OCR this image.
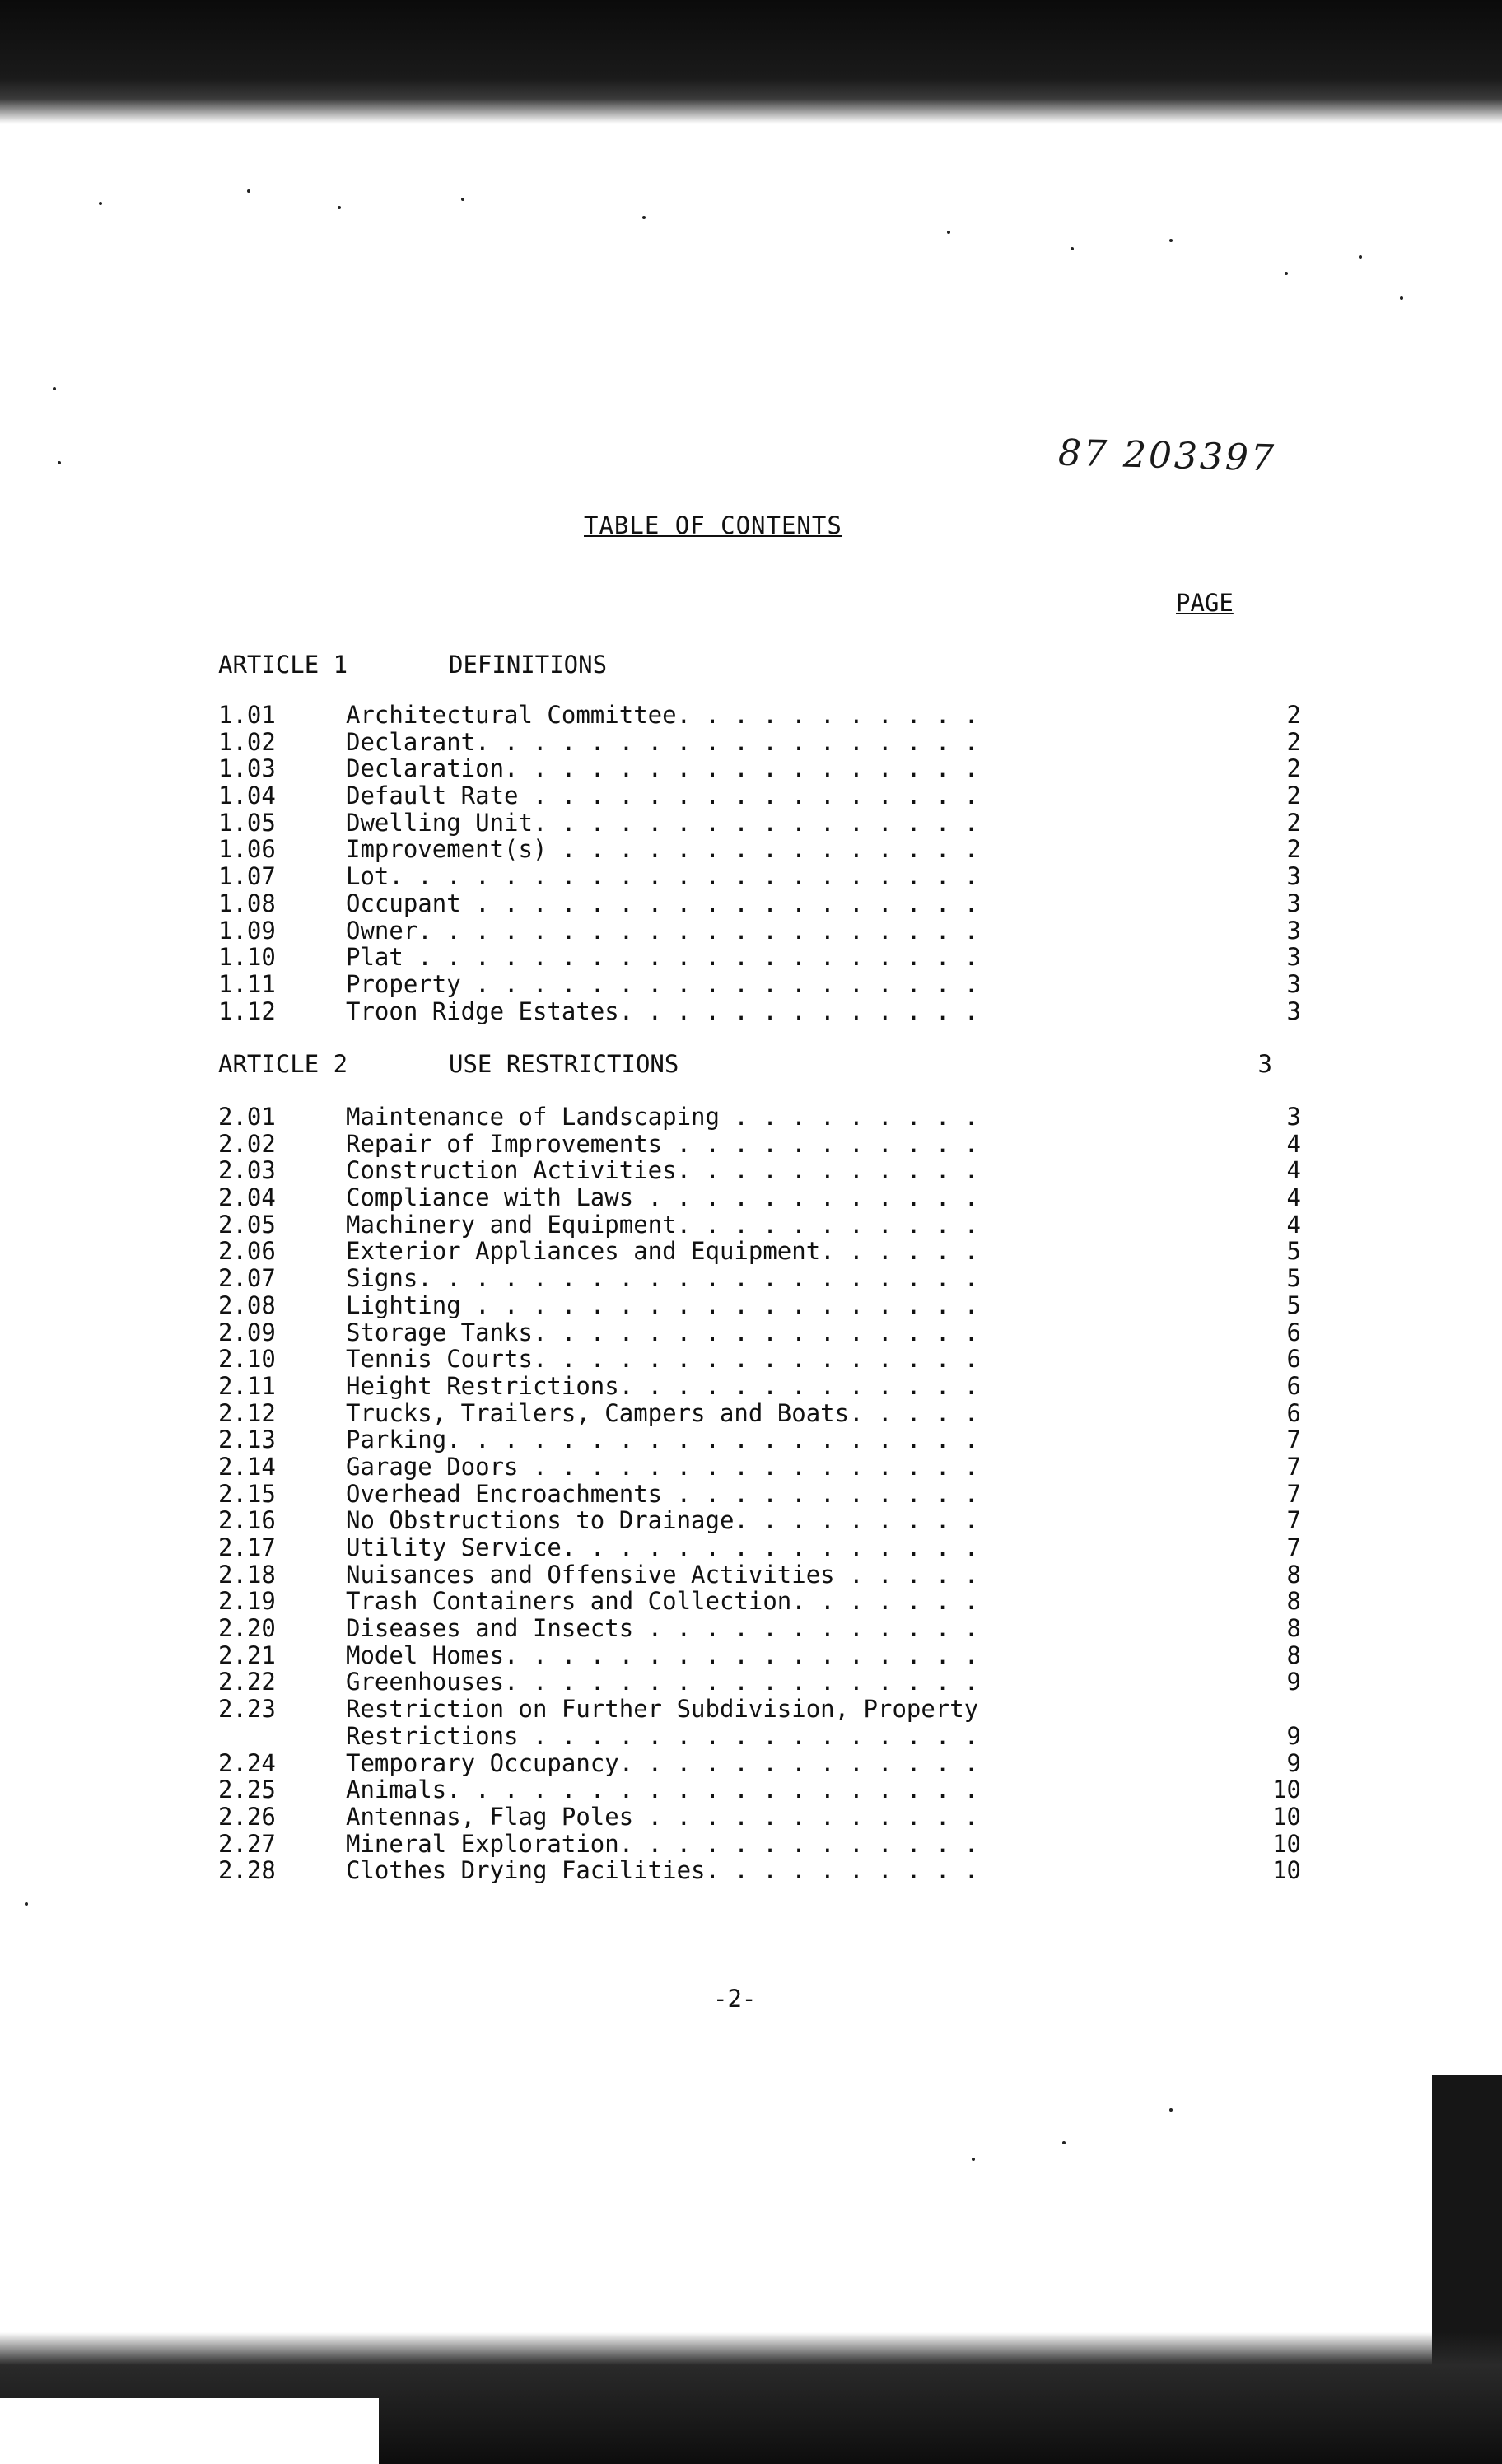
87 203397
TABLE OF CONTENTS
PAGE
ARTICLE 1	DEFINITIONS
1.01	Architectural Committee. . . . . . . . . . .	2
1.02	Declarant. . . . . . . . . . . . . . . . . .	2
1.03	Declaration. . . . . . . . . . . . . . . . .	2
1.04	Default Rate . . . . . . . . . . . . . . . .	2
1.05	Dwelling Unit. . . . . . . . . . . . . . . .	2
1.06	Improvement(s) . . . . . . . . . . . . . . .	2
1.07	Lot. . . . . . . . . . . . . . . . . . . . .	3
1.08	Occupant . . . . . . . . . . . . . . . . . .	3
1.09	Owner. . . . . . . . . . . . . . . . . . . .	3
1.10	Plat . . . . . . . . . . . . . . . . . . . .	3
1.11	Property . . . . . . . . . . . . . . . . . .	3
1.12	Troon Ridge Estates. . . . . . . . . . . . .	3
ARTICLE 2	USE RESTRICTIONS	3
2.01	Maintenance of Landscaping . . . . . . . . .	3
2.02	Repair of Improvements . . . . . . . . . . .	4
2.03	Construction Activities. . . . . . . . . . .	4
2.04	Compliance with Laws . . . . . . . . . . . .	4
2.05	Machinery and Equipment. . . . . . . . . . .	4
2.06	Exterior Appliances and Equipment. . . . . .	5
2.07	Signs. . . . . . . . . . . . . . . . . . . .	5
2.08	Lighting . . . . . . . . . . . . . . . . . .	5
2.09	Storage Tanks. . . . . . . . . . . . . . . .	6
2.10	Tennis Courts. . . . . . . . . . . . . . . .	6
2.11	Height Restrictions. . . . . . . . . . . . .	6
2.12	Trucks, Trailers, Campers and Boats. . . . .	6
2.13	Parking. . . . . . . . . . . . . . . . . . .	7
2.14	Garage Doors . . . . . . . . . . . . . . . .	7
2.15	Overhead Encroachments . . . . . . . . . . .	7
2.16	No Obstructions to Drainage. . . . . . . . .	7
2.17	Utility Service. . . . . . . . . . . . . . .	7
2.18	Nuisances and Offensive Activities . . . . .	8
2.19	Trash Containers and Collection. . . . . . .	8
2.20	Diseases and Insects . . . . . . . . . . . .	8
2.21	Model Homes. . . . . . . . . . . . . . . . .	8
2.22	Greenhouses. . . . . . . . . . . . . . . . .	9
2.23	Restriction on Further Subdivision, Property
Restrictions . . . . . . . . . . . . . . . .	9
2.24	Temporary Occupancy. . . . . . . . . . . . .	9
2.25	Animals. . . . . . . . . . . . . . . . . . .	10
2.26	Antennas, Flag Poles . . . . . . . . . . . .	10
2.27	Mineral Exploration. . . . . . . . . . . . .	10
2.28	Clothes Drying Facilities. . . . . . . . . .	10
-2-
